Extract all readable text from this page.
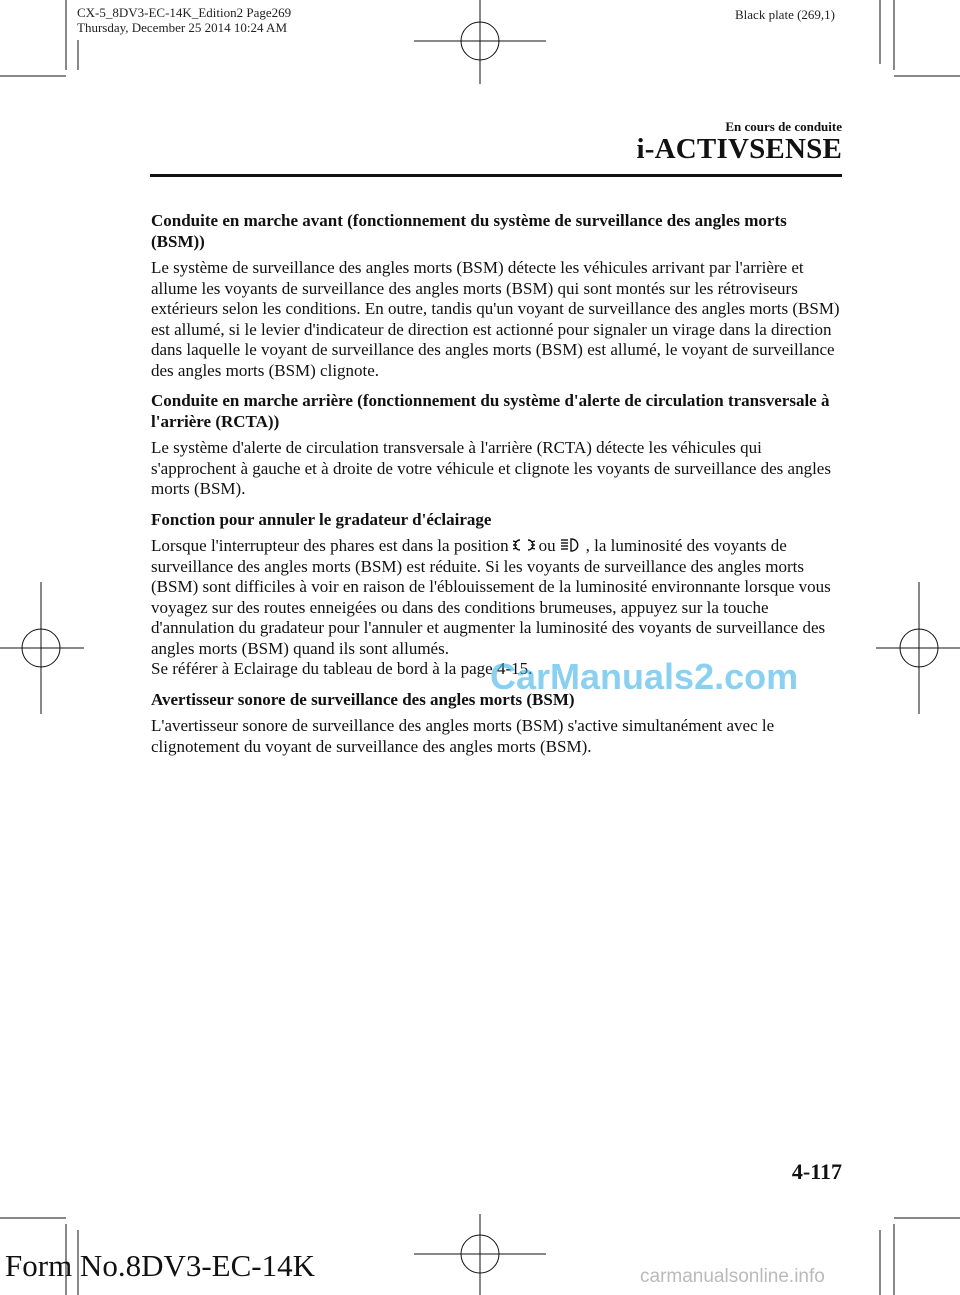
CX-5_8DV3-EC-14K_Edition2 Page269
Thursday, December 25 2014 10:24 AM
Black plate (269,1)
En cours de conduite
i-ACTIVSENSE
Conduite en marche avant (fonctionnement du système de surveillance des angles morts (BSM))

Le système de surveillance des angles morts (BSM) détecte les véhicules arrivant par l'arrière et allume les voyants de surveillance des angles morts (BSM) qui sont montés sur les rétroviseurs extérieurs selon les conditions. En outre, tandis qu'un voyant de surveillance des angles morts (BSM) est allumé, si le levier d'indicateur de direction est actionné pour signaler un virage dans la direction dans laquelle le voyant de surveillance des angles morts (BSM) est allumé, le voyant de surveillance des angles morts (BSM) clignote.

Conduite en marche arrière (fonctionnement du système d'alerte de circulation transversale à l'arrière (RCTA))

Le système d'alerte de circulation transversale à l'arrière (RCTA) détecte les véhicules qui s'approchent à gauche et à droite de votre véhicule et clignote les voyants de surveillance des angles morts (BSM).

Fonction pour annuler le gradateur d'éclairage

Lorsque l'interrupteur des phares est dans la position ou , la luminosité des voyants de surveillance des angles morts (BSM) est réduite. Si les voyants de surveillance des angles morts (BSM) sont difficiles à voir en raison de l'éblouissement de la luminosité environnante lorsque vous voyagez sur des routes enneigées ou dans des conditions brumeuses, appuyez sur la touche d'annulation du gradateur pour l'annuler et augmenter la luminosité des voyants de surveillance des angles morts (BSM) quand ils sont allumés.

Se référer à Eclairage du tableau de bord à la page 4-15.

Avertisseur sonore de surveillance des angles morts (BSM)

L'avertisseur sonore de surveillance des angles morts (BSM) s'active simultanément avec le clignotement du voyant de surveillance des angles morts (BSM).

CarManuals2.com
4-117
Form No.8DV3-EC-14K	carmanualsonline.info
